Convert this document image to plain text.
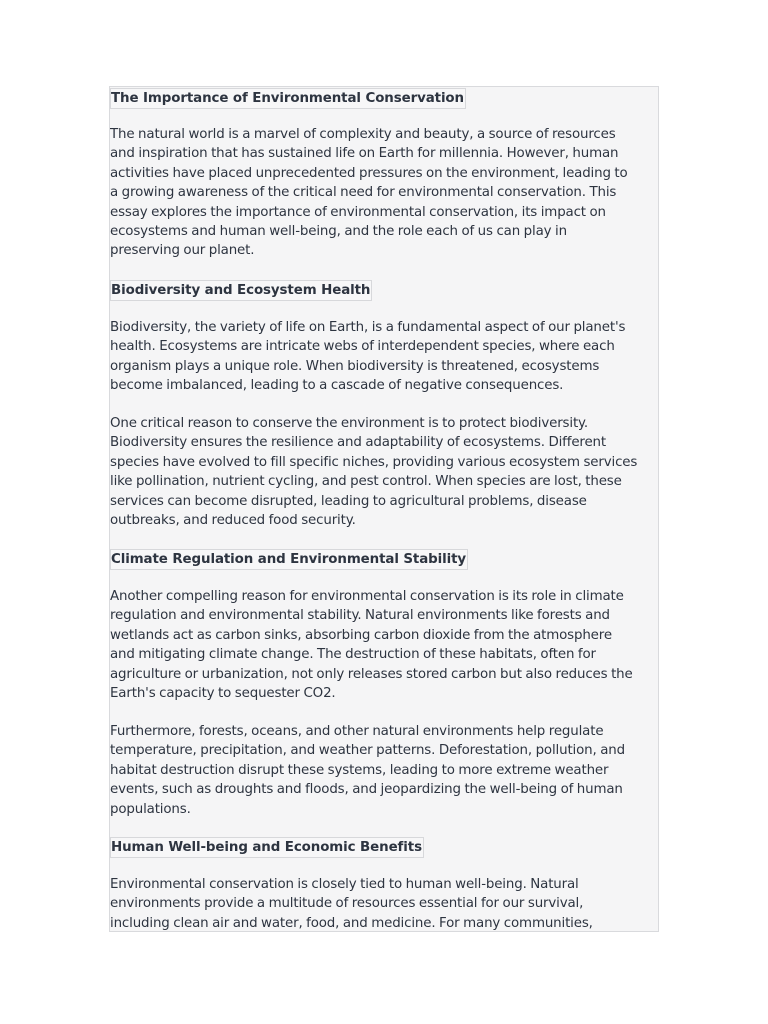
The Importance of Environmental Conservation
The natural world is a marvel of complexity and beauty, a source of resources
and inspiration that has sustained life on Earth for millennia. However, human
activities have placed unprecedented pressures on the environment, leading to
a growing awareness of the critical need for environmental conservation. This
essay explores the importance of environmental conservation, its impact on
ecosystems and human well-being, and the role each of us can play in
preserving our planet.
Biodiversity and Ecosystem Health
Biodiversity, the variety of life on Earth, is a fundamental aspect of our planet's
health. Ecosystems are intricate webs of interdependent species, where each
organism plays a unique role. When biodiversity is threatened, ecosystems
become imbalanced, leading to a cascade of negative consequences.
One critical reason to conserve the environment is to protect biodiversity.
Biodiversity ensures the resilience and adaptability of ecosystems. Different
species have evolved to fill specific niches, providing various ecosystem services
like pollination, nutrient cycling, and pest control. When species are lost, these
services can become disrupted, leading to agricultural problems, disease
outbreaks, and reduced food security.
Climate Regulation and Environmental Stability
Another compelling reason for environmental conservation is its role in climate
regulation and environmental stability. Natural environments like forests and
wetlands act as carbon sinks, absorbing carbon dioxide from the atmosphere
and mitigating climate change. The destruction of these habitats, often for
agriculture or urbanization, not only releases stored carbon but also reduces the
Earth's capacity to sequester CO2.
Furthermore, forests, oceans, and other natural environments help regulate
temperature, precipitation, and weather patterns. Deforestation, pollution, and
habitat destruction disrupt these systems, leading to more extreme weather
events, such as droughts and floods, and jeopardizing the well-being of human
populations.
Human Well-being and Economic Benefits
Environmental conservation is closely tied to human well-being. Natural
environments provide a multitude of resources essential for our survival,
including clean air and water, food, and medicine. For many communities,
